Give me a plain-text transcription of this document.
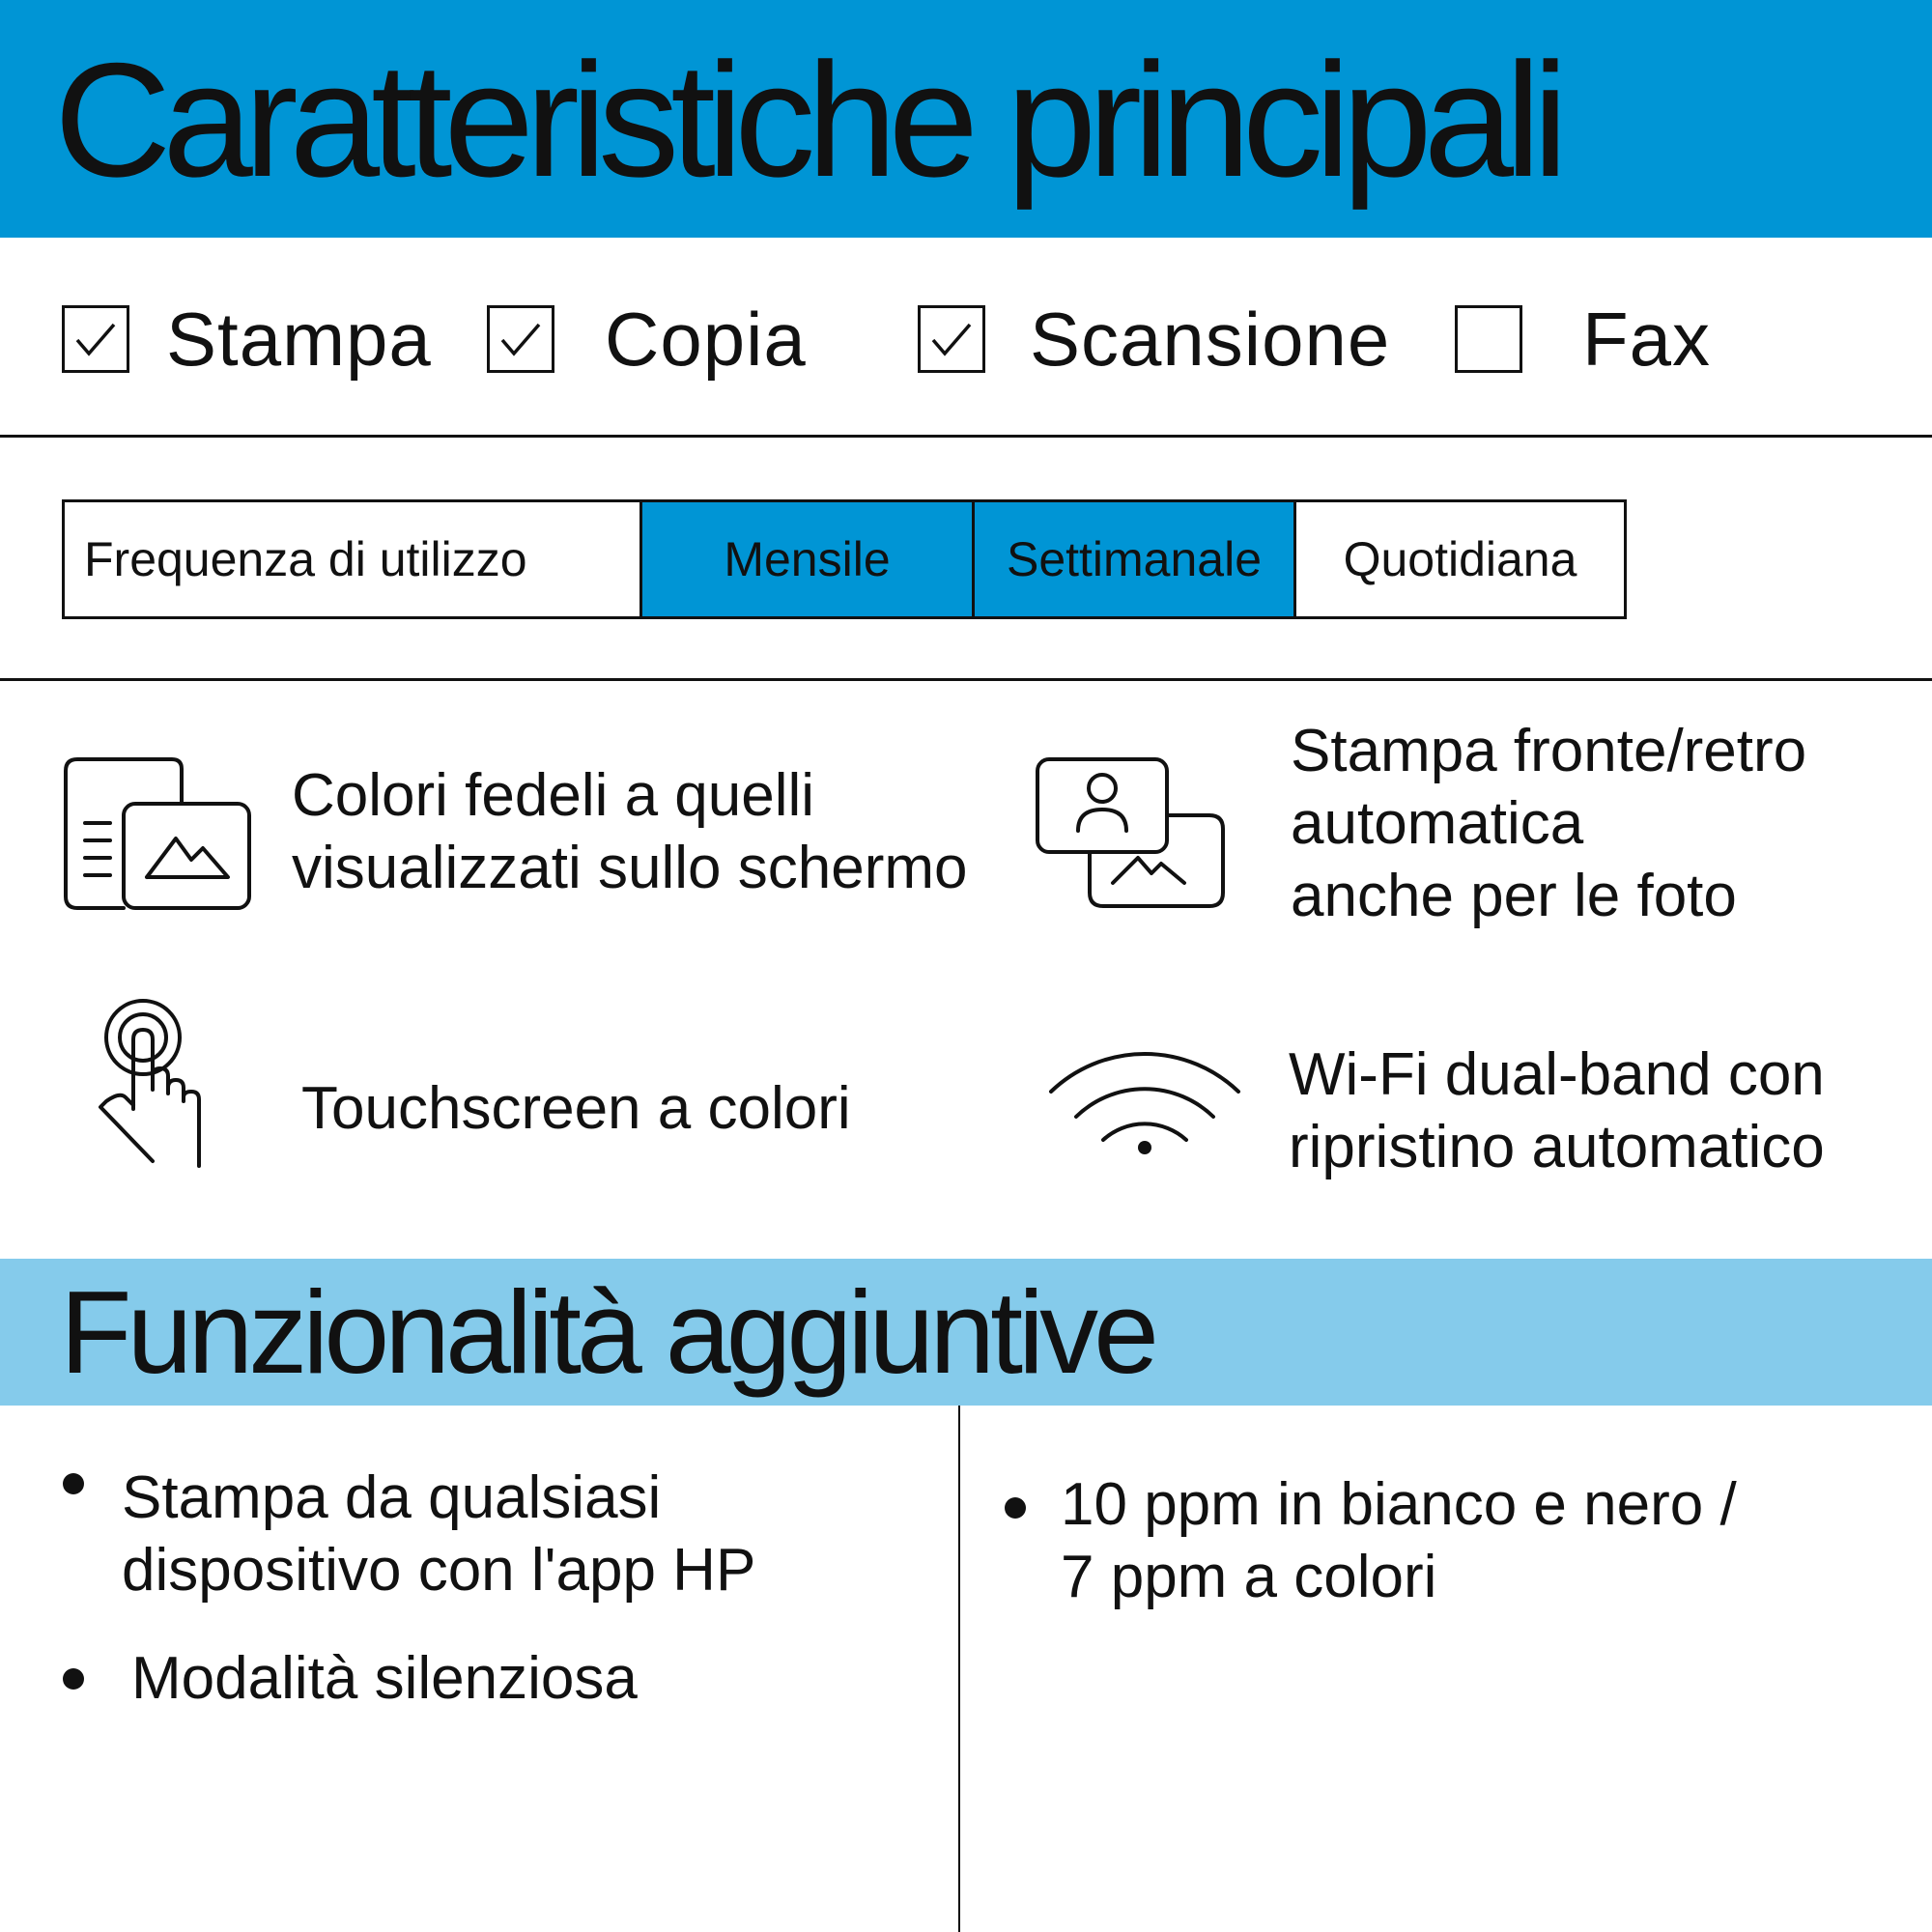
Caratteristiche principali
Stampa Copia	Scansione	Fax
Frequenza di utilizzo	Mensile	Settimanale	Quotidiana
Colori fedeli a quelli
visualizzati sullo schermo
Stampa fronte/retro
automatica
anche per le foto
Touchscreen a colori
Wi-Fi dual-band con
ripristino automatico
Funzionalità aggiuntive
Stampa da qualsiasi
dispositivo con l'app HP
Modalità silenziosa
10 ppm in bianco e nero /
7 ppm a colori
